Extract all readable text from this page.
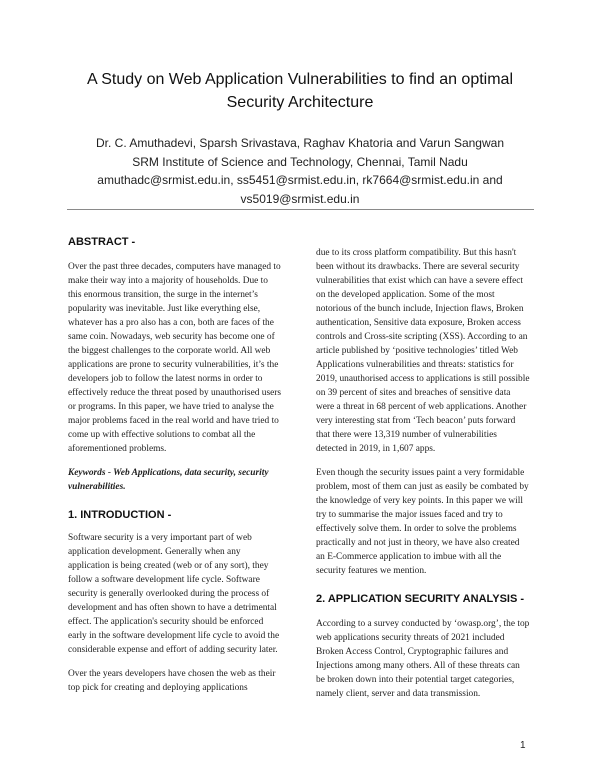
A Study on Web Application Vulnerabilities to find an optimal
Security Architecture
Dr. C. Amuthadevi, Sparsh Srivastava, Raghav Khatoria and Varun Sangwan
SRM Institute of Science and Technology, Chennai, Tamil Nadu
amuthadc@srmist.edu.in, ss5451@srmist.edu.in, rk7664@srmist.edu.in and
vs5019@srmist.edu.in
ABSTRACT -

Over the past three decades, computers have managed to make their way into a majority of households. Due to this enormous transition, the surge in the internet’s popularity was inevitable. Just like everything else, whatever has a pro also has a con, both are faces of the same coin. Nowadays, web security has become one of the biggest challenges to the corporate world. All web applications are prone to security vulnerabilities, it’s the developers job to follow the latest norms in order to effectively reduce the threat posed by unauthorised users or programs. In this paper, we have tried to analyse the major problems faced in the real world and have tried to come up with effective solutions to combat all the aforementioned problems.

Keywords - Web Applications, data security, security vulnerabilities.

1. INTRODUCTION -

Software security is a very important part of web application development. Generally when any application is being created (web or of any sort), they follow a software development life cycle. Software security is generally overlooked during the process of development and has often shown to have a detrimental effect. The application's security should be enforced early in the software development life cycle to avoid the considerable expense and effort of adding security later.

Over the years developers have chosen the web as their top pick for creating and deploying applications

due to its cross platform compatibility. But this hasn't been without its drawbacks. There are several security vulnerabilities that exist which can have a severe effect on the developed application. Some of the most notorious of the bunch include, Injection flaws, Broken authentication, Sensitive data exposure, Broken access controls and Cross-site scripting (XSS). According to an article published by ‘positive technologies’ titled Web Applications vulnerabilities and threats: statistics for 2019, unauthorised access to applications is still possible on 39 percent of sites and breaches of sensitive data were a threat in 68 percent of web applications. Another very interesting stat from ‘Tech beacon’ puts forward that there were 13,319 number of vulnerabilities detected in 2019, in 1,607 apps.

Even though the security issues paint a very formidable problem, most of them can just as easily be combated by the knowledge of very key points. In this paper we will try to summarise the major issues faced and try to effectively solve them. In order to solve the problems practically and not just in theory, we have also created an E-Commerce application to imbue with all the security features we mention.

2. APPLICATION SECURITY ANALYSIS -

According to a survey conducted by ‘owasp.org’, the top web applications security threats of 2021 included Broken Access Control, Cryptographic failures and Injections among many others. All of these threats can be broken down into their potential target categories, namely client, server and data transmission.

1
